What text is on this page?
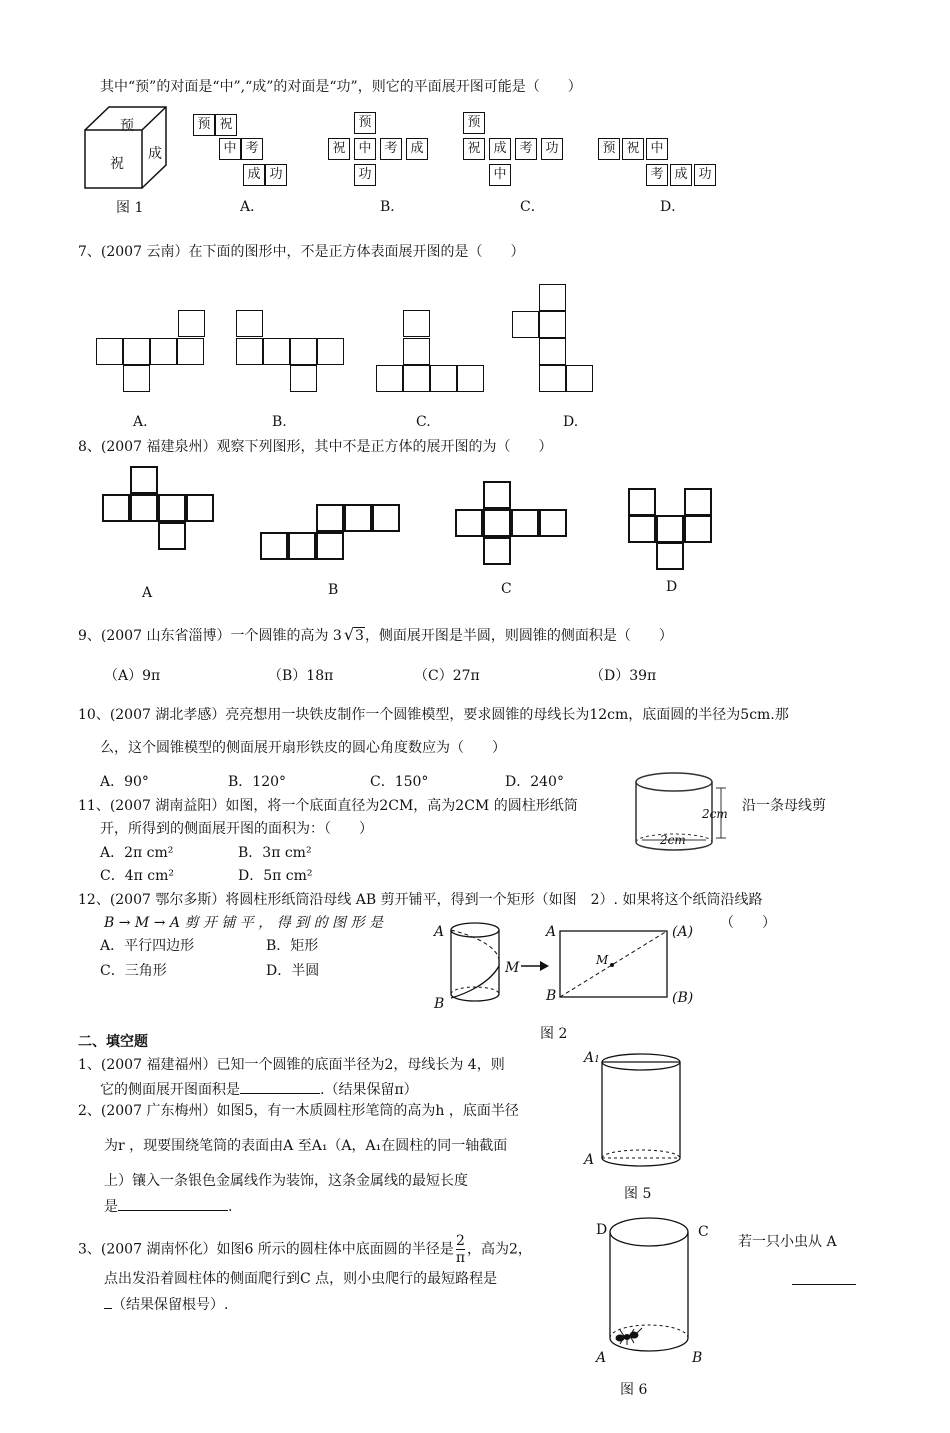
其中“预”的对面是“中”,“成”的对面是“功”，则它的平面展开图可能是（　　）
预
祝
成
图 1
预 祝
中 考
成 功
A．
预
祝 中 考 成
功
B．
预
祝 成 考 功
中
C．
预 祝 中
考 成 功
D．
7、(2007 云南）在下面的图形中，不是正方体表面展开图的是（　　）
A.	B.	C.	D.
8、(2007 福建泉州）观察下列图形，其中不是正方体的展开图的为（　　）
A	B	C	D
9、(2007 山东省淄博）一个圆锥的高为 3 √3，侧面展开图是半圆，则圆锥的侧面积是（　　）
（A）9π	（B）18π	（C）27π	（D）39π
10、(2007 湖北孝感）亮亮想用一块铁皮制作一个圆锥模型，要求圆锥的母线长为12cm，底面圆的半径为5cm.那
么，这个圆锥模型的侧面展开扇形铁皮的圆心角度数应为（　　）
A．90°	B．120°	C．150°	D．240°
11、(2007 湖南益阳）如图，将一个底面直径为2CM，高为2CM 的圆柱形纸筒	沿一条母线剪
开，所得到的侧面展开图的面积为：（　　）
A．2π cm²	B．3π cm²
C．4π cm²	D．5π cm²
2cm
2cm
12、(2007 鄂尔多斯）将圆柱形纸筒沿母线 AB 剪开铺平，得到一个矩形（如图　2）. 如果将这个纸筒沿线路
B → M → A 剪 开 铺 平 ， 得 到 的 图 形 是	（　　）
A．平行四边形	B．矩形
C．三角形	D．半圆
A
B
M
A
B
M
(A)
(B)
图 2
二、填空题
1、(2007 福建福州）已知一个圆锥的底面半径为2，母线长为 4，则
它的侧面展开图面积是	.（结果保留π）
2、(2007 广东梅州）如图5，有一木质圆柱形笔筒的高为h ，底面半径
为r ，现要围绕笔筒的表面由A 至A₁（A，A₁在圆柱的同一轴截面
上）镶入一条银色金属线作为装饰，这条金属线的最短长度
是	.
A1
A
图 5
3、(2007 湖南怀化）如图6 所示的圆柱体中底面圆的半径是 $\frac{2}{\pi}$ ，高为2，	若一只小虫从 A
点出发沿着圆柱体的侧面爬行到C 点，则小虫爬行的最短路程是
（结果保留根号）.
D	C
A	B
图 6
